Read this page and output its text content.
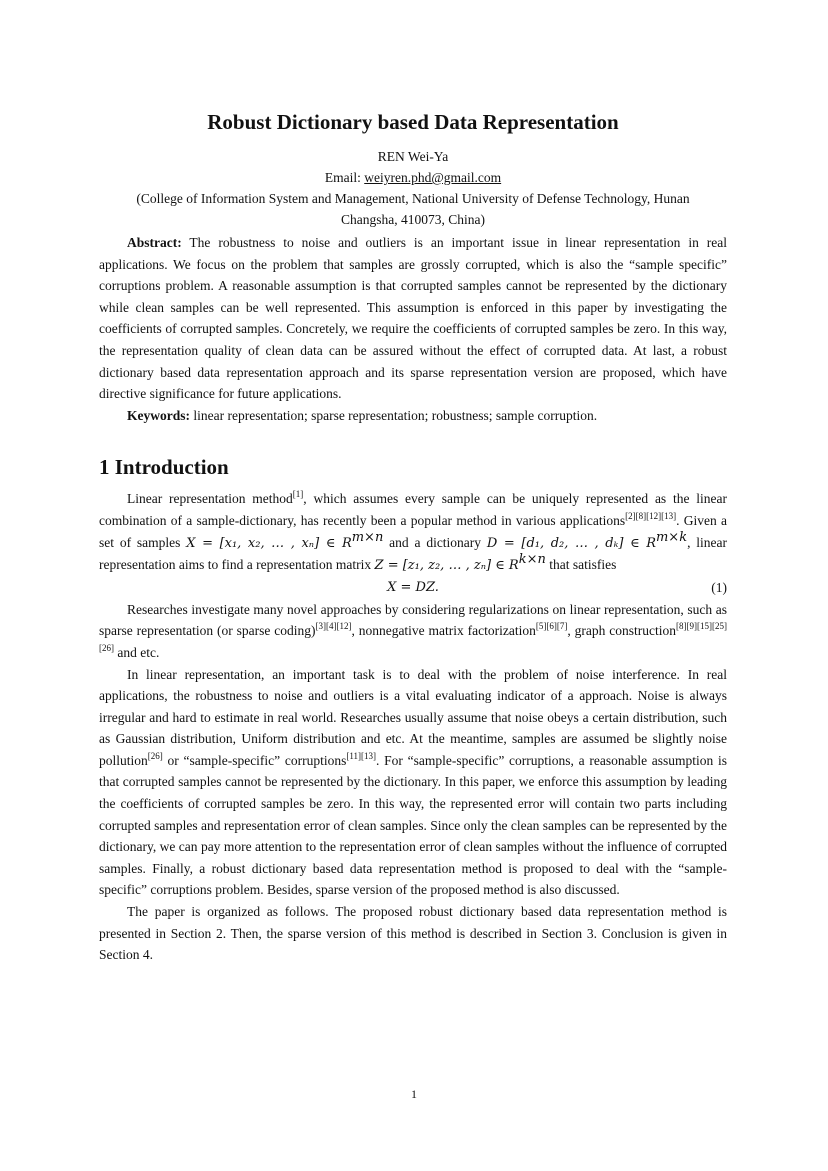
Robust Dictionary based Data Representation

REN Wei-Ya

Email: weiyren.phd@gmail.com

(College of Information System and Management, National University of Defense Technology, Hunan

Changsha, 410073, China)

Abstract: The robustness to noise and outliers is an important issue in linear representation in real applications. We focus on the problem that samples are grossly corrupted, which is also the “sample specific” corruptions problem. A reasonable assumption is that corrupted samples cannot be represented by the dictionary while clean samples can be well represented. This assumption is enforced in this paper by investigating the coefficients of corrupted samples. Concretely, we require the coefficients of corrupted samples be zero. In this way, the representation quality of clean data can be assured without the effect of corrupted data. At last, a robust dictionary based data representation approach and its sparse representation version are proposed, which have directive significance for future applications.

Keywords: linear representation; sparse representation; robustness; sample corruption.

1 Introduction

Linear representation method[1], which assumes every sample can be uniquely represented as the linear combination of a sample-dictionary, has recently been a popular method in various applications[2][8][12][13]. Given a set of samples X = [x₁, x₂, … , xₙ] ∈ $R^{m\times n}$ and a dictionary D = [d₁, d₂, … , dₖ] ∈ $R^{m\times k}$, linear representation aims to find a representation matrix Z = [z₁, z₂, … , zₙ] ∈ $R^{k\times n}$ that satisfies

X = DZ.	(1)

Researches investigate many novel approaches by considering regularizations on linear representation, such as sparse representation (or sparse coding)[3][4][12], nonnegative matrix factorization[5][6][7], graph construction[8][9][15][25][26] and etc.

In linear representation, an important task is to deal with the problem of noise interference. In real applications, the robustness to noise and outliers is a vital evaluating indicator of a approach. Noise is always irregular and hard to estimate in real world. Researches usually assume that noise obeys a certain distribution, such as Gaussian distribution, Uniform distribution and etc. At the meantime, samples are assumed be slightly noise pollution[26] or “sample-specific” corruptions[11][13]. For “sample-specific” corruptions, a reasonable assumption is that corrupted samples cannot be represented by the dictionary. In this paper, we enforce this assumption by leading the coefficients of corrupted samples be zero. In this way, the represented error will contain two parts including corrupted samples and representation error of clean samples. Since only the clean samples can be represented by the dictionary, we can pay more attention to the representation error of clean samples without the influence of corrupted samples. Finally, a robust dictionary based data representation method is proposed to deal with the “sample-specific” corruptions problem. Besides, sparse version of the proposed method is also discussed.

The paper is organized as follows. The proposed robust dictionary based data representation method is presented in Section 2. Then, the sparse version of this method is described in Section 3. Conclusion is given in Section 4.

1
